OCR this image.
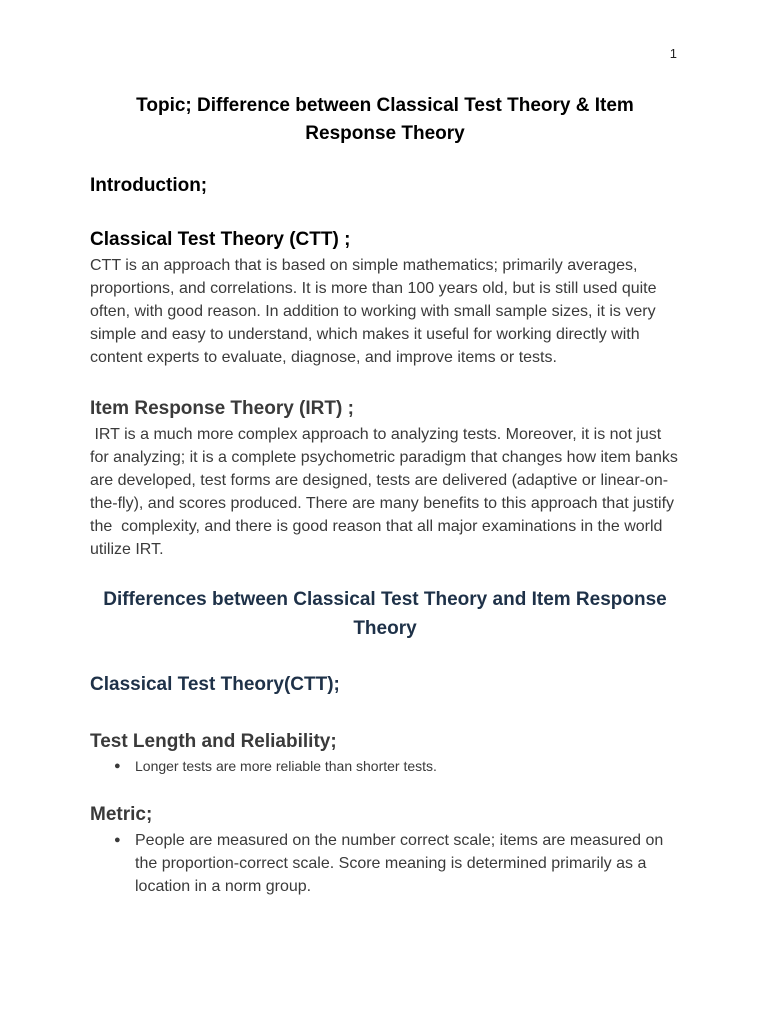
1
Topic; Difference between Classical Test Theory & Item Response Theory
Introduction;
Classical Test Theory (CTT) ;

CTT is an approach that is based on simple mathematics; primarily averages, proportions, and correlations. It is more than 100 years old, but is still used quite often, with good reason. In addition to working with small sample sizes, it is very simple and easy to understand, which makes it useful for working directly with content experts to evaluate, diagnose, and improve items or tests.

Item Response Theory (IRT) ;

IRT is a much more complex approach to analyzing tests. Moreover, it is not just for analyzing; it is a complete psychometric paradigm that changes how item banks are developed, test forms are designed, tests are delivered (adaptive or linear-on-the-fly), and scores produced. There are many benefits to this approach that justify the  complexity, and there is good reason that all major examinations in the world utilize IRT.

Differences between Classical Test Theory and Item Response Theory
Classical Test Theory(CTT);
Test Length and Reliability;
● Longer tests are more reliable than shorter tests.
Metric;
● People are measured on the number correct scale; items are measured on the proportion-correct scale. Score meaning is determined primarily as a location in a norm group.
